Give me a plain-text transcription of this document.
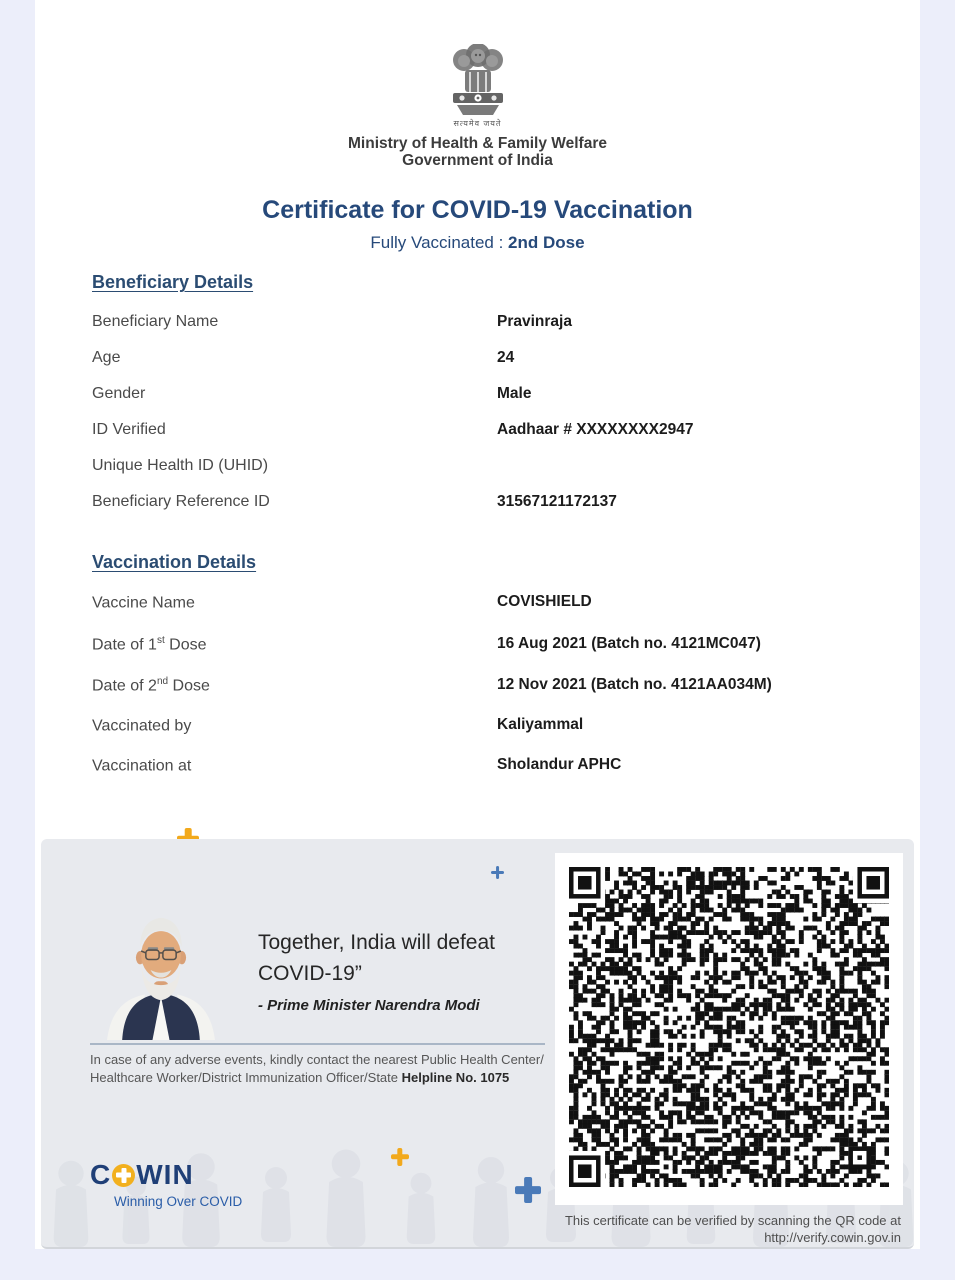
सत्यमेव जयते
Ministry of Health & Family Welfare
Government of India
Certificate for COVID-19 Vaccination
Fully Vaccinated : 2nd Dose
Beneficiary Details
Beneficiary Name	Pravinraja
Age	24
Gender	Male
ID Verified	Aadhaar # XXXXXXXX2947
Unique Health ID (UHID)
Beneficiary Reference ID	31567121172137
Vaccination Details
Vaccine Name	COVISHIELD
Date of 1st Dose	16 Aug 2021 (Batch no. 4121MC047)
Date of 2nd Dose	12 Nov 2021 (Batch no. 4121AA034M)
Vaccinated by	Kaliyammal
Vaccination at	Sholandur APHC
Together, India will defeat
COVID-19”
- Prime Minister Narendra Modi
In case of any adverse events, kindly contact the nearest Public Health Center/
Healthcare Worker/District Immunization Officer/State Helpline No. 1075
C WIN
Winning Over COVID
This certificate can be verified by scanning the QR code at
http://verify.cowin.gov.in
